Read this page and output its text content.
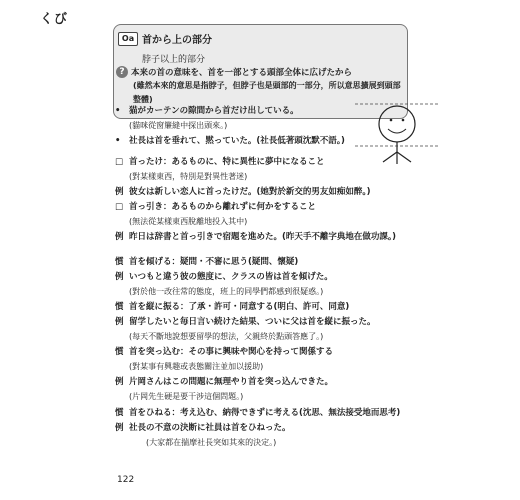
くび
Oa 首から上の部分
脖子以上的部分
? 本来の首の意味を、首を一部とする頭部全体に広げたから
(雖然本來的意思是指脖子，但脖子也是頭部的一部分，所以意思擴展到頭部
整體)
• 猫がカーテンの隙間から首だけ出している。
(貓咪從窗簾縫中探出頭來。)
• 社長は首を垂れて、黙っていた。(社長低著頭沈默不語。)
□ 首ったけ：あるものに、特に異性に夢中になること
(對某樣東西，特別是對異性著迷)
例 彼女は新しい恋人に首ったけだ。(她對於新交的男友如痴如醉。)
□ 首っ引き：あるものから離れずに何かをすること
(無法從某樣東西脫離地投入其中)
例 昨日は辞書と首っ引きで宿題を進めた。(昨天手不離字典地在做功課。)
慣 首を傾げる：疑問・不審に思う(疑問、懷疑)
例 いつもと違う彼の態度に、クラスの皆は首を傾げた。
(對於他一改往常的態度，班上的同學們都感到很疑惑。)
慣 首を縦に振る：了承・許可・同意する(明白、許可、同意)
例 留学したいと毎日言い続けた結果、ついに父は首を縦に振った。
(每天不斷地說想要留學的想法，父親終於點頭答應了。)
慣 首を突っ込む：その事に興味や関心を持って関係する
(對某事有興趣或表態關注並加以援助)
例 片岡さんはこの問題に無理やり首を突っ込んできた。
(片岡先生硬是要干涉這個問題。)
慣 首をひねる：考え込む、納得できずに考える(沈思、無法接受地而思考)
例 社長の不意の決断に社員は首をひねった。
(大家都在揣摩社長突如其來的決定。)
122
